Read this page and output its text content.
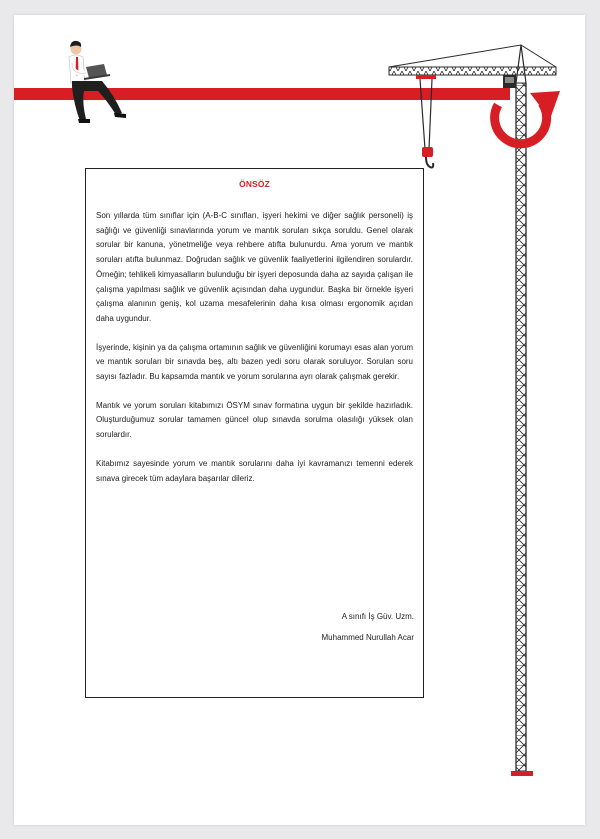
ÖNSÖZ

Son yıllarda tüm sınıflar için (A-B-C sınıfları, işyeri hekimi ve diğer sağlık personeli) iş sağlığı ve güvenliği sınavlarında yorum ve mantık soruları sıkça soruldu. Genel olarak sorular bir kanuna, yönetmeliğe veya rehbere atıfta bulunurdu. Ama yorum ve mantık soruları atıfta bulunmaz. Doğrudan sağlık ve güvenlik faaliyetlerini ilgilendiren sorulardır. Örneğin; tehlikeli kimyasalların bulunduğu bir işyeri deposunda daha az sayıda çalışan ile çalışma yapılması sağlık ve güvenlik açısından daha uygundur. Başka bir örnekle işyeri çalışma alanının geniş, kol uzama mesafelerinin daha kısa olması ergonomik açıdan daha uygundur.

İşyerinde, kişinin ya da çalışma ortamının sağlık ve güvenliğini korumayı esas alan yorum ve mantık soruları bir sınavda beş, altı bazen yedi soru olarak soruluyor. Sorulan soru sayısı fazladır. Bu kapsamda mantık ve yorum sorularına ayrı olarak çalışmak gerekir.

Mantık ve yorum soruları kitabımızı ÖSYM sınav formatına uygun bir şekilde hazırladık. Oluşturduğumuz sorular tamamen güncel olup sınavda sorulma olasılığı yüksek olan sorulardır.

Kitabımız sayesinde yorum ve mantık sorularını daha iyi kavramanızı temenni ederek sınava girecek tüm adaylara başarılar dileriz.

A sınıfı İş Güv. Uzm.
Muhammed Nurullah Acar
